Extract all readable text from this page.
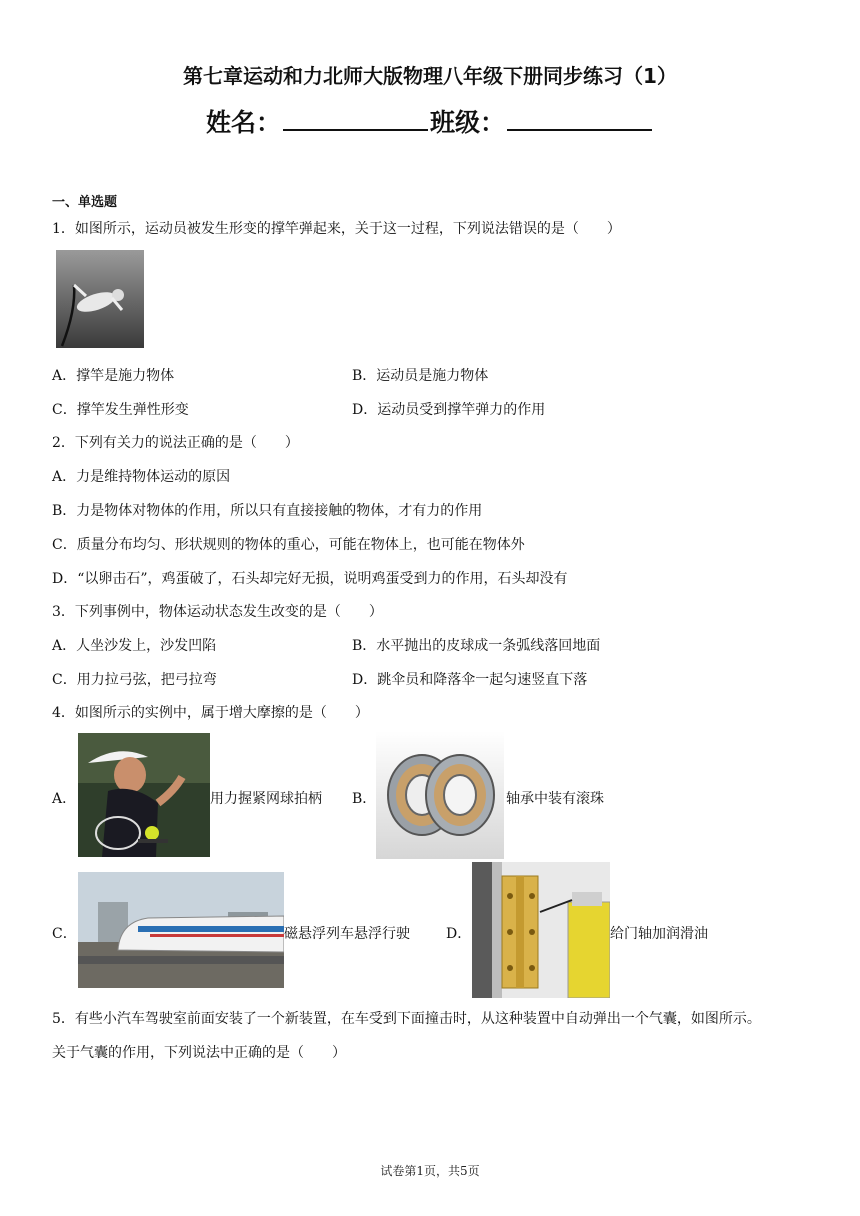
第七章运动和力北师大版物理八年级下册同步练习（1）
姓名：	班级：
一、单选题
1．如图所示，运动员被发生形变的撑竿弹起来，关于这一过程，下列说法错误的是（　　）
A．撑竿是施力物体	B．运动员是施力物体
C．撑竿发生弹性形变	D．运动员受到撑竿弹力的作用
2．下列有关力的说法正确的是（　　）
A．力是维持物体运动的原因
B．力是物体对物体的作用，所以只有直接接触的物体，才有力的作用
C．质量分布均匀、形状规则的物体的重心，可能在物体上，也可能在物体外
D．“以卵击石”，鸡蛋破了，石头却完好无损，说明鸡蛋受到力的作用，石头却没有
3．下列事例中，物体运动状态发生改变的是（　　）
A．人坐沙发上，沙发凹陷	B．水平抛出的皮球成一条弧线落回地面
C．用力拉弓弦，把弓拉弯	D．跳伞员和降落伞一起匀速竖直下落
4．如图所示的实例中，属于增大摩擦的是（　　）
A．	用力握紧网球拍柄 B．	轴承中装有滚珠
C．	磁悬浮列车悬浮行驶	D．	给门轴加润滑油
5．有些小汽车驾驶室前面安装了一个新装置，在车受到下面撞击时，从这种装置中自动弹出一个气囊，如图所示。
关于气囊的作用，下列说法中正确的是（　　）
试卷第1页，共5页
